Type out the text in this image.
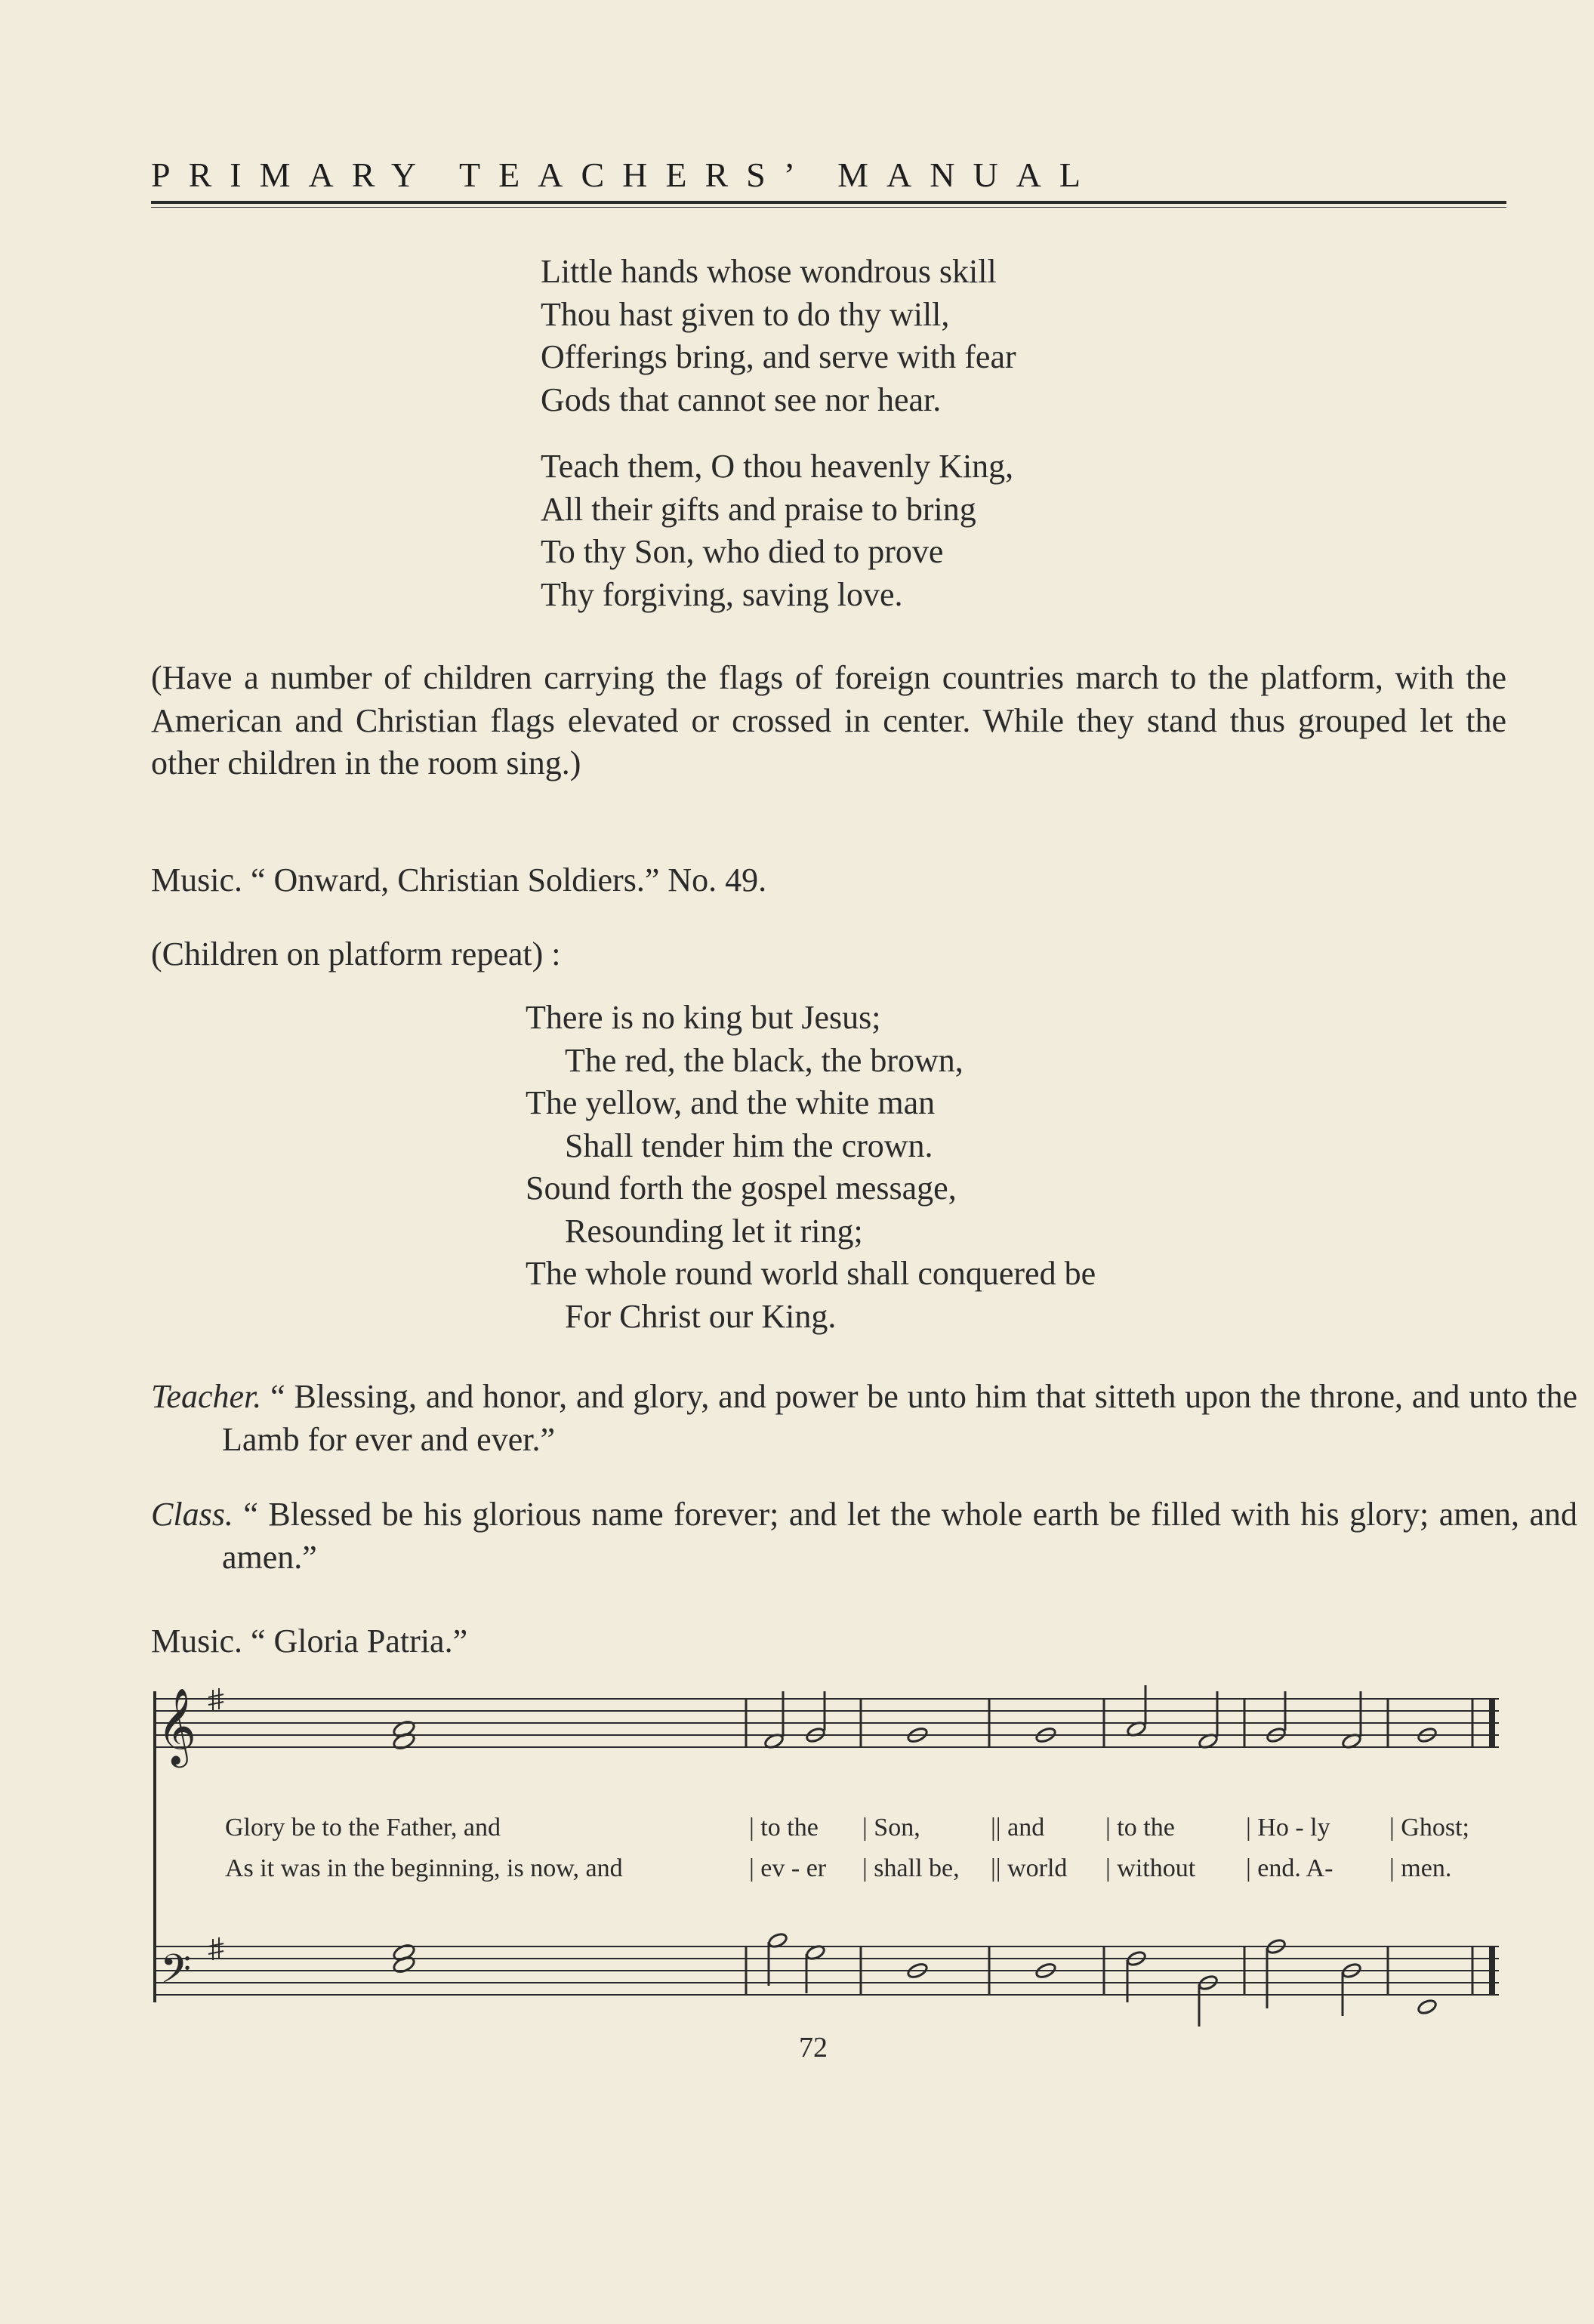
PRIMARY TEACHERS’ MANUAL
Little hands whose wondrous skill
Thou hast given to do thy will,
Offerings bring, and serve with fear
Gods that cannot see nor hear.
Teach them, O thou heavenly King,
All their gifts and praise to bring
To thy Son, who died to prove
Thy forgiving, saving love.
(Have a number of children carrying the flags of foreign countries march to the platform, with the American and Christian flags elevated or crossed in center. While they stand thus grouped let the other children in the room sing.)
Music. “ Onward, Christian Soldiers.” No. 49.
(Children on platform repeat) :
There is no king but Jesus;
The red, the black, the brown,
The yellow, and the white man
Shall tender him the crown.
Sound forth the gospel message,
Resounding let it ring;
The whole round world shall conquered be
For Christ our King.
Teacher. “ Blessing, and honor, and glory, and power be unto him that sitteth upon the throne, and unto the Lamb for ever and ever.”
Class. “ Blessed be his glorious name forever; and let the whole earth be filled with his glory; amen, and amen.”
Music. “ Gloria Patria.”
𝄞
𝄢
Glory be to the Father, and	| to the | Son,	|| and | to the	| Ho - ly | Ghost;
As it was in the beginning, is now, and	| ev - er | shall be, || world | without | end. A- | men.
72
